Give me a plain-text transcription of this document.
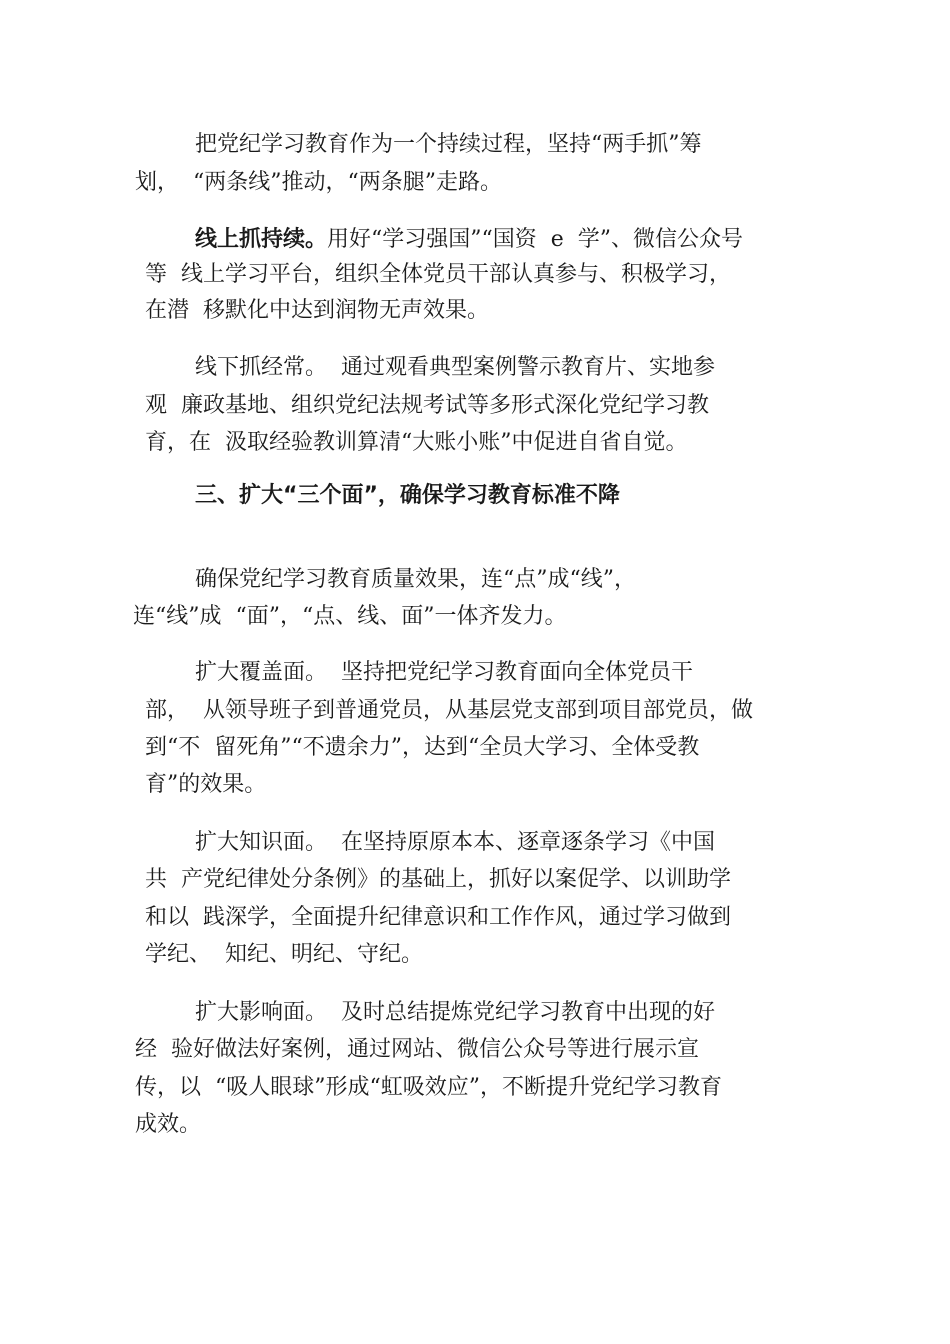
把党纪学习教育作为一个持续过程，坚持“两手抓”筹
划，  “两条线”推动，“两条腿”走路。
线上抓持续。用好“学习强国”“国资  e  学”、微信公众号
等  线上学习平台，组织全体党员干部认真参与、积极学习，
在潜  移默化中达到润物无声效果。
线下抓经常。  通过观看典型案例警示教育片、实地参
观  廉政基地、组织党纪法规考试等多形式深化党纪学习教
育，在  汲取经验教训算清“大账小账”中促进自省自觉。
三、扩大“三个面”，确保学习教育标准不降
确保党纪学习教育质量效果，连“点”成“线”，
连“线”成  “面”，“点、线、面”一体齐发力。
扩大覆盖面。  坚持把党纪学习教育面向全体党员干
部，  从领导班子到普通党员，从基层党支部到项目部党员，做
到“不  留死角”“不遗余力”，达到“全员大学习、全体受教
育”的效果。
扩大知识面。  在坚持原原本本、逐章逐条学习《中国
共  产党纪律处分条例》的基础上，抓好以案促学、以训助学
和以  践深学，全面提升纪律意识和工作作风，通过学习做到
学纪、  知纪、明纪、守纪。
扩大影响面。  及时总结提炼党纪学习教育中出现的好
经  验好做法好案例，通过网站、微信公众号等进行展示宣
传，以  “吸人眼球”形成“虹吸效应”，不断提升党纪学习教育
成效。
